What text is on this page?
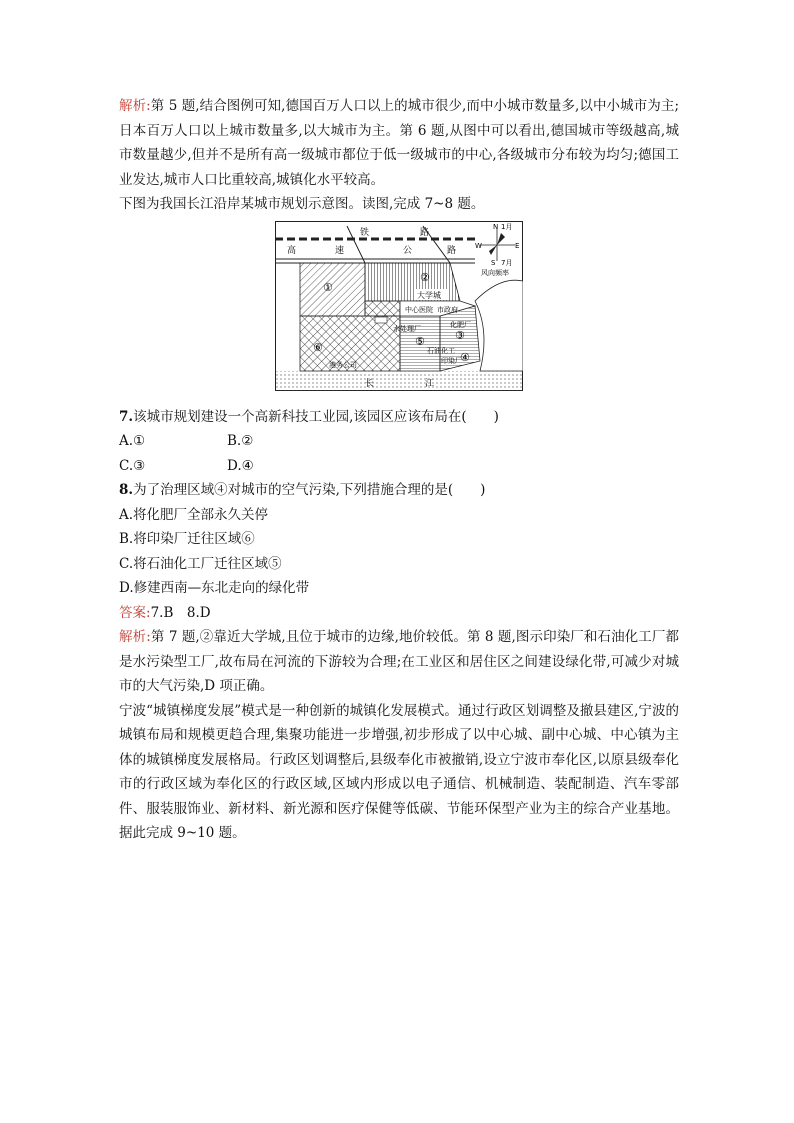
解析:第 5 题,结合图例可知,德国百万人口以上的城市很少,而中小城市数量多,以中小城市为主;日本百万人口以上城市数量多,以大城市为主。第 6 题,从图中可以看出,德国城市等级越高,城市数量越少,但并不是所有高一级城市都位于低一级城市的中心,各级城市分布较为均匀;德国工业发达,城市人口比重较高,城镇化水平较高。

下图为我国长江沿岸某城市规划示意图。读图,完成 7~8 题。

铁	路
高	速	公	路
①
②
③
④
⑤
⑥
大学城
中心医院 市政府
水处理厂	化肥厂
石油化工
印染厂
港务公司
长	江
N 1月
W	E
S 7月
风向频率

7.该城市规划建设一个高新科技工业园,该园区应该布局在(　　)

A.①	B.②

C.③	D.④

8.为了治理区域④对城市的空气污染,下列措施合理的是(　　)

A.将化肥厂全部永久关停

B.将印染厂迁往区域⑥

C.将石油化工厂迁往区域⑤

D.修建西南—东北走向的绿化带

答案:7.B　8.D

解析:第 7 题,②靠近大学城,且位于城市的边缘,地价较低。第 8 题,图示印染厂和石油化工厂都是水污染型工厂,故布局在河流的下游较为合理;在工业区和居住区之间建设绿化带,可减少对城市的大气污染,D 项正确。

宁波“城镇梯度发展”模式是一种创新的城镇化发展模式。通过行政区划调整及撤县建区,宁波的城镇布局和规模更趋合理,集聚功能进一步增强,初步形成了以中心城、副中心城、中心镇为主体的城镇梯度发展格局。行政区划调整后,县级奉化市被撤销,设立宁波市奉化区,以原县级奉化市的行政区域为奉化区的行政区域,区域内形成以电子通信、机械制造、装配制造、汽车零部件、服装服饰业、新材料、新光源和医疗保健等低碳、节能环保型产业为主的综合产业基地。据此完成 9~10 题。
